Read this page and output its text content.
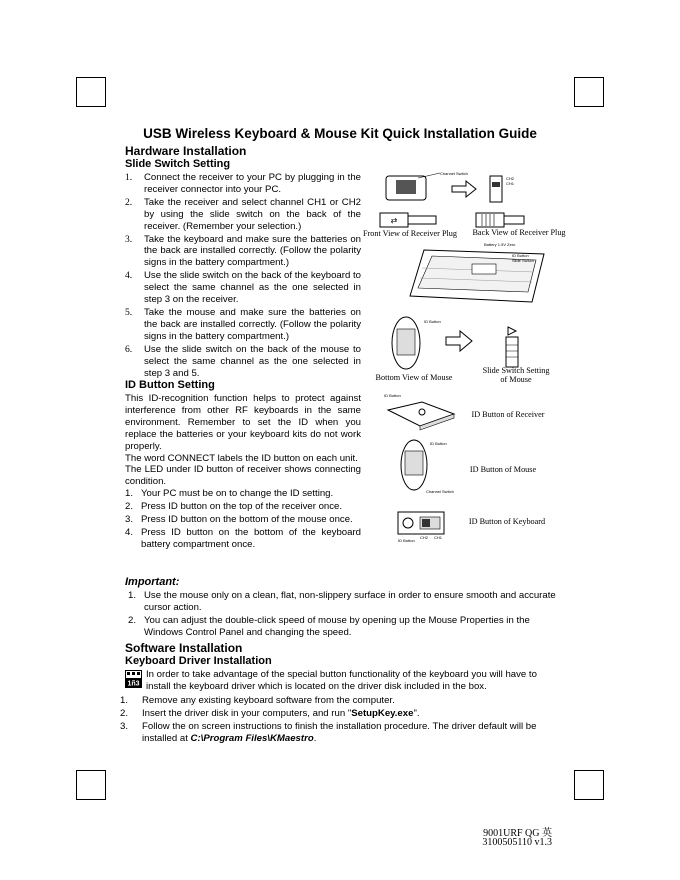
USB Wireless Keyboard & Mouse Kit Quick Installation Guide
Hardware Installation
Slide Switch Setting
1.	Connect the receiver to your PC by plugging in the receiver connector into your PC.
2.	Take the receiver and select channel CH1 or CH2 by using the slide switch on the back of the receiver. (Remember your selection.)
3.	Take the keyboard and make sure the batteries on the back are installed correctly. (Follow the polarity signs in the battery compartment.)
4.	Use the slide switch on the back of the keyboard to select the same channel as the one selected in step 3 on the receiver.
5.	Take the mouse and make sure the batteries on the back are installed correctly. (Follow the polarity signs in the battery compartment.)
6.	Use the slide switch on the back of the mouse to select the same channel as the one selected in step 3 and 5.
ID Button Setting
This ID-recognition function helps to protect against interference from other RF keyboards in the same environment. Remember to set the ID when you replace the batteries or your keyboard kits do not work properly.
The word CONNECT labels the ID button on each unit.
The LED under ID button of receiver shows connecting condition.
1. Your PC must be on to change the ID setting.
2. Press ID button on the top of the receiver once.
3. Press ID button on the bottom of the mouse once.
4. Press ID button on the bottom of the keyboard battery compartment once.
Important:
1. Use the mouse only on a clean, flat, non-slippery surface in order to ensure smooth and accurate cursor action.
2. You can adjust the double-click speed of mouse by opening up the Mouse Properties in the Windows Control Panel and changing the speed.
Software Installation
Keyboard Driver Installation
1ñ3
In order to take advantage of the special button functionality of the keyboard you will have to install the keyboard driver which is located on the driver disk included in the box.
1.	Remove any existing keyboard software from the computer.
2.	Insert the driver disk in your computers, and run "SetupKey.exe".
3.	Follow the on screen instructions to finish the installation procedure. The driver default will be installed at C:\Program Files\KMaestro.
Channel Switch
CH2
CH1
⇄
Front View of Receiver Plug Back View of Receiver Plug
Battery 1.5V Zero
ID Button
Slide Switch
ID Button
Bottom View of Mouse
Slide Switch Setting of Mouse
ID Button
ID Button of Receiver
ID Button
Channel Switch
ID Button of Mouse
ID Button
CH2 CH1
ID Button of Keyboard
9001URF QG 英
3100505110 v1.3
